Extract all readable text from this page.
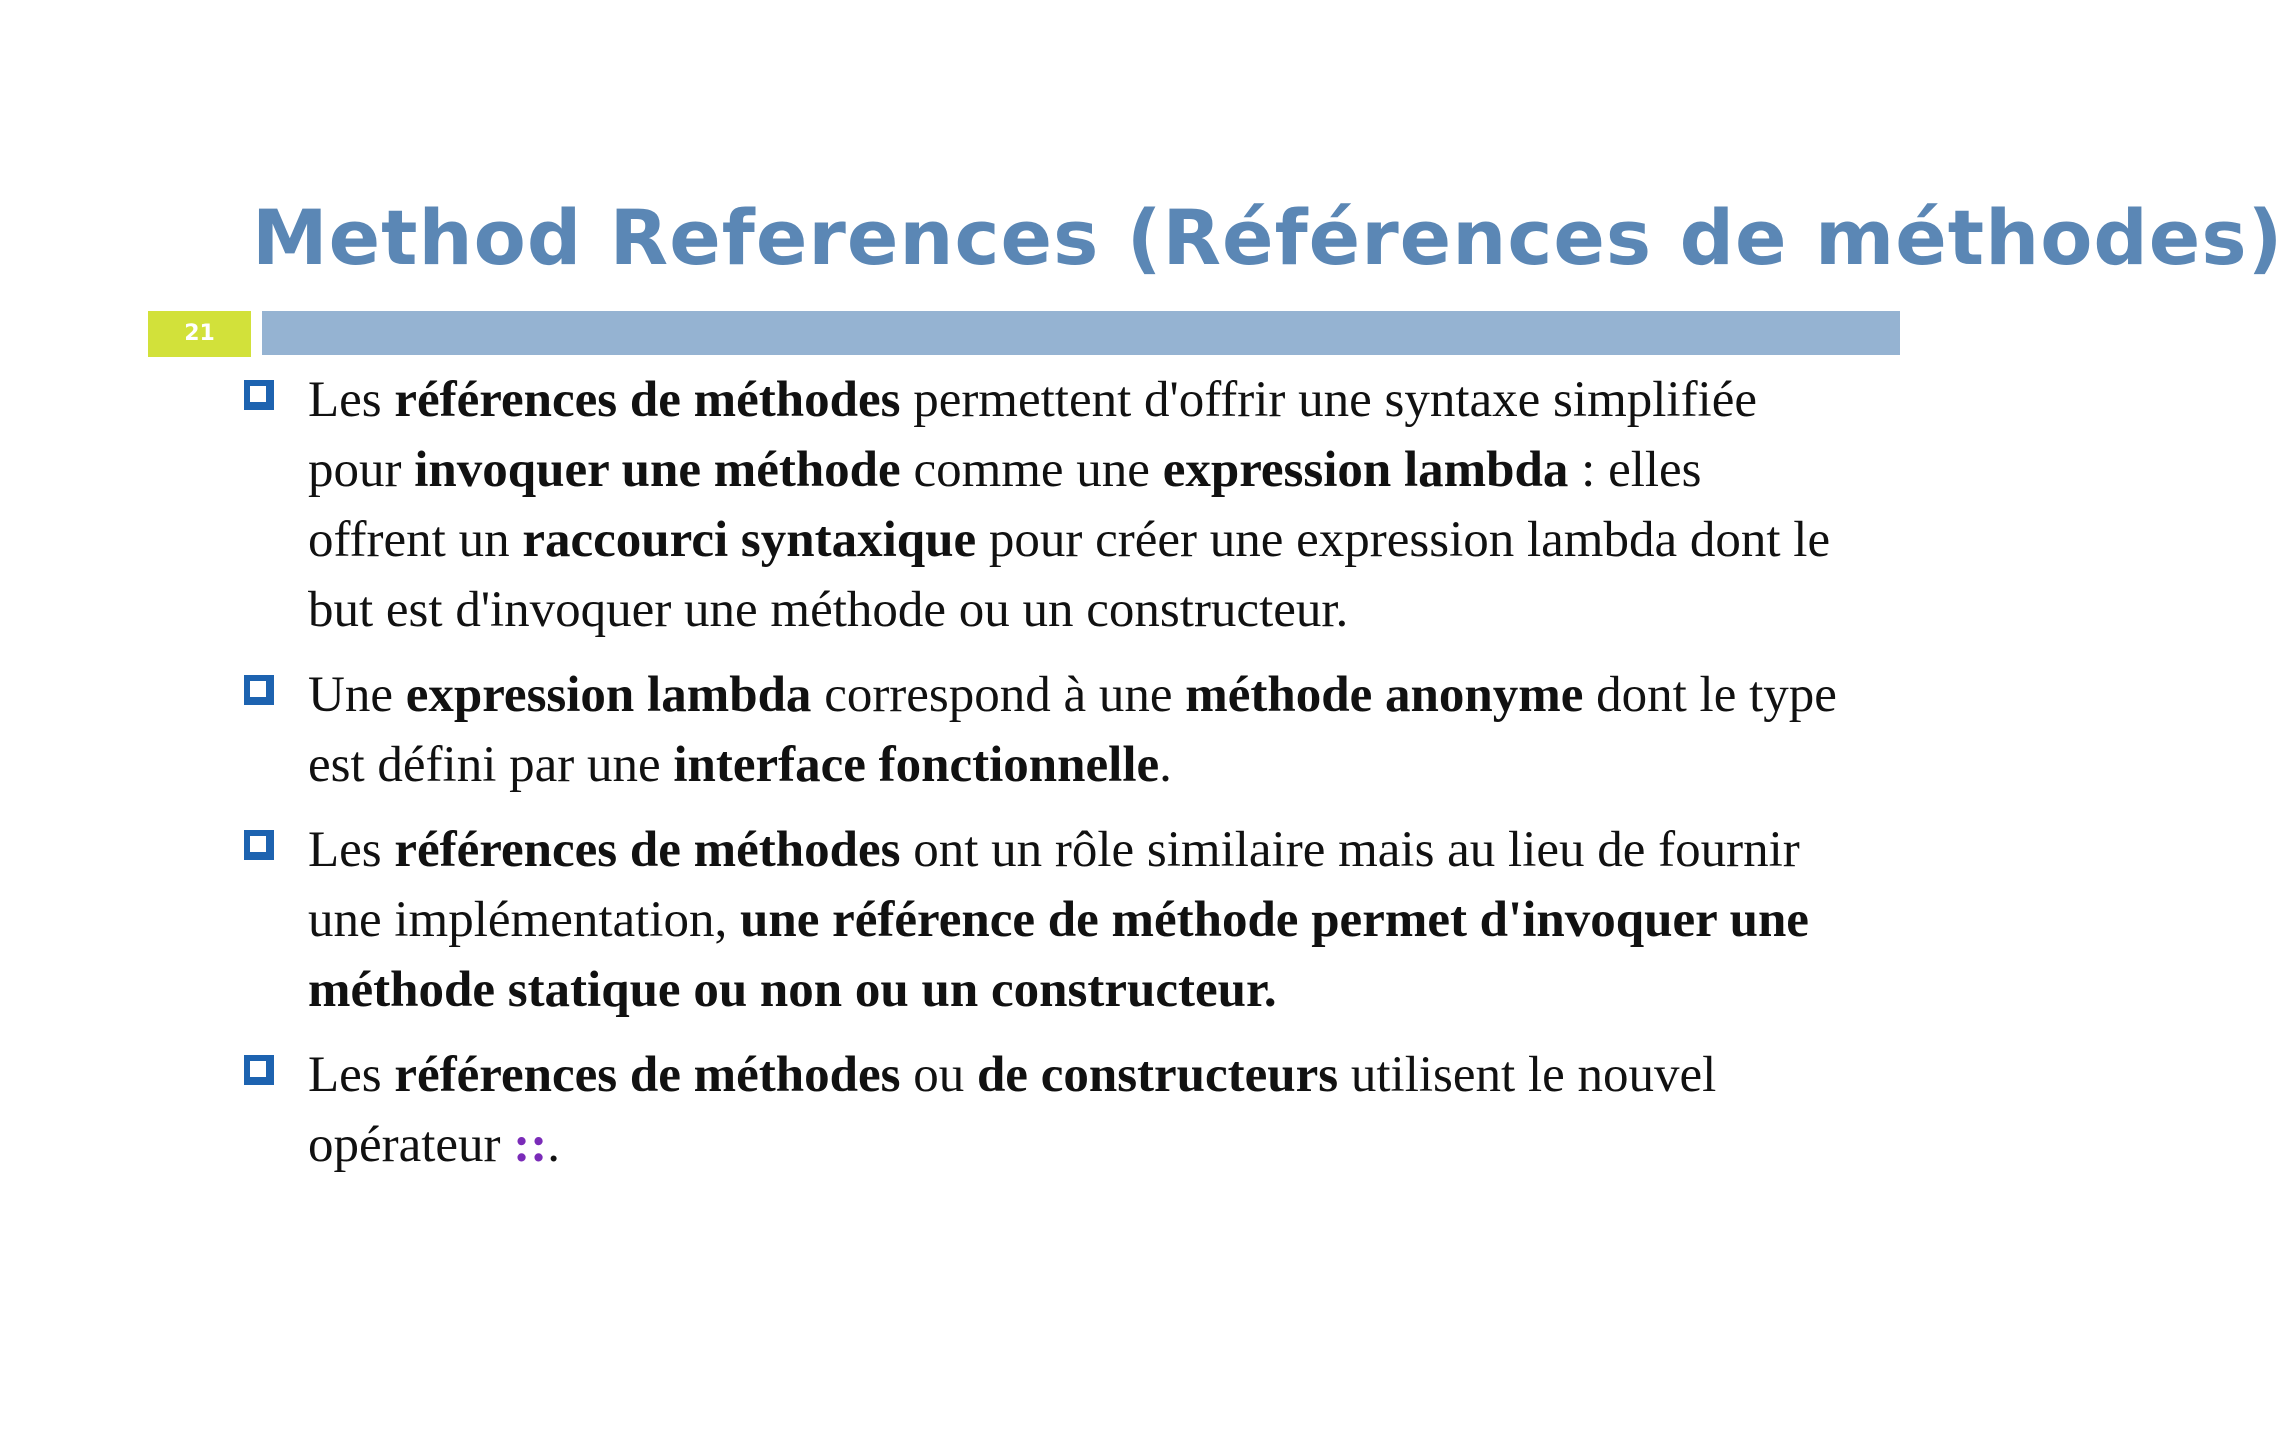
Method References (Références de méthodes)
21
Les références de méthodes permettent d'offrir une syntaxe simplifiée pour invoquer une méthode comme une expression lambda : elles offrent un raccourci syntaxique pour créer une expression lambda dont le but est d'invoquer une méthode ou un constructeur.
Une expression lambda correspond à une méthode anonyme dont le type est défini par une interface fonctionnelle.
Les références de méthodes ont un rôle similaire mais au lieu de fournir une implémentation, une référence de méthode permet d'invoquer une méthode statique ou non ou un constructeur.
Les références de méthodes ou de constructeurs utilisent le nouvel opérateur ::.
